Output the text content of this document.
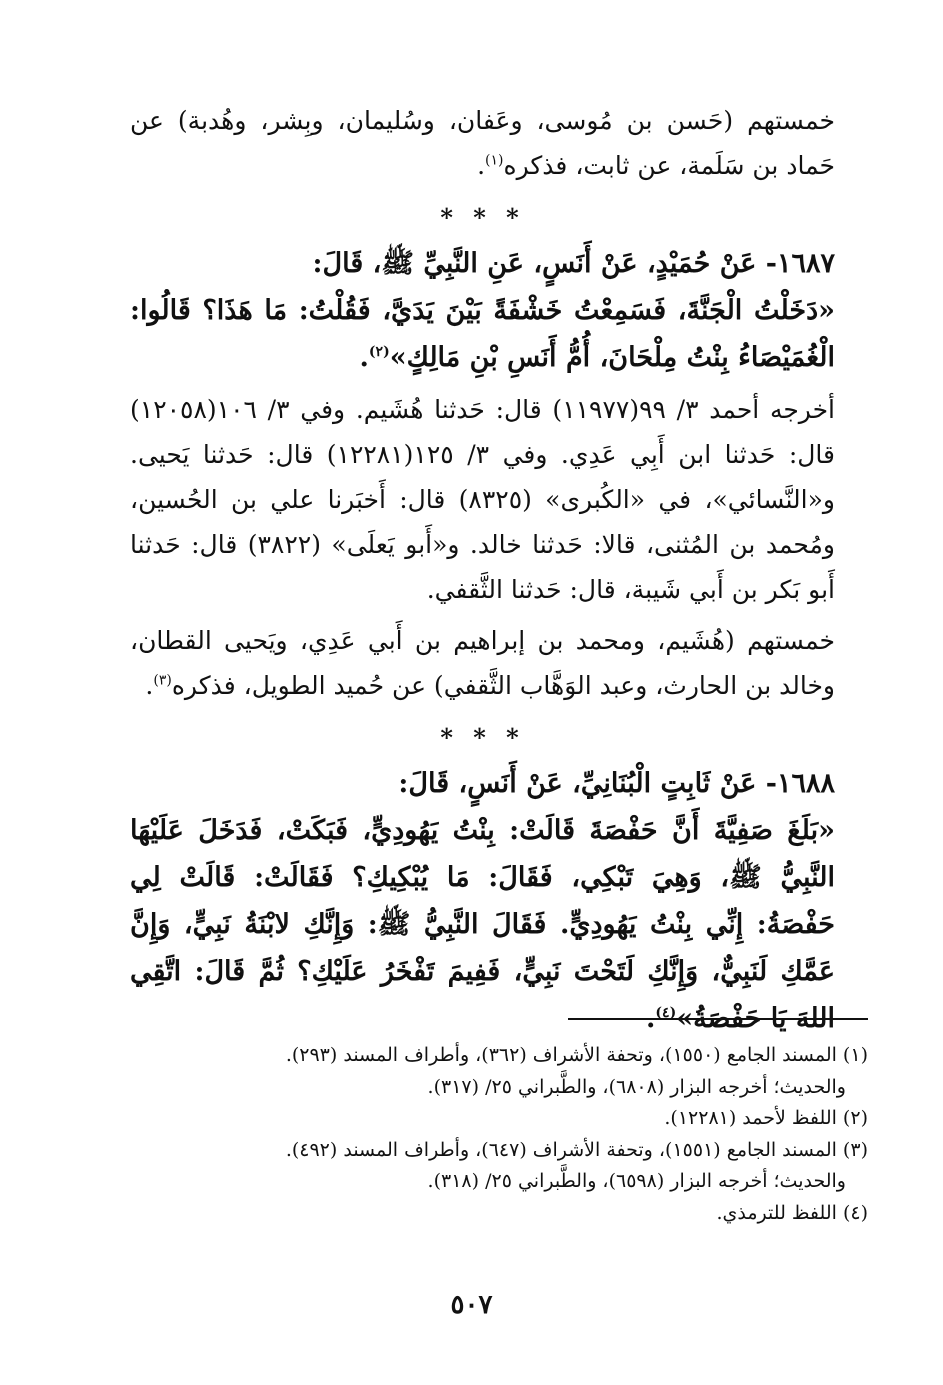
خمستهم (حَسن بن مُوسى، وعَفان، وسُليمان، وبِشر، وهُدبة) عن حَماد بن سَلَمة، عن ثابت، فذكره$^{(١)}$.

* * *

١٦٨٧- عَنْ حُمَيْدٍ، عَنْ أَنَسٍ، عَنِ النَّبِيِّ ﷺ، قَالَ:

«دَخَلْتُ الْجَنَّةَ، فَسَمِعْتُ خَشْفَةً بَيْنَ يَدَيَّ، فَقُلْتُ: مَا هَذَا؟ قَالُوا: الْغُمَيْصَاءُ بِنْتُ مِلْحَانَ، أُمُّ أَنَسِ بْنِ مَالِكٍ»$^{(٢)}$.

أخرجه أحمد ٣/ ٩٩(١١٩٧٧) قال: حَدثنا هُشَيم. وفي ٣/ ١٠٦(١٢٠٥٨) قال: حَدثنا ابن أَبِي عَدِي. وفي ٣/ ١٢٥(١٢٢٨١) قال: حَدثنا يَحيى. و«النَّسائي»، في «الكُبرى» (٨٣٢٥) قال: أَخبَرنا علي بن الحُسين، ومُحمد بن المُثنى، قالا: حَدثنا خالد. و«أَبو يَعلَى» (٣٨٢٢) قال: حَدثنا أَبو بَكر بن أَبي شَيبة، قال: حَدثنا الثَّقفي.

خمستهم (هُشَيم، ومحمد بن إبراهيم بن أَبي عَدِي، ويَحيى القطان، وخالد بن الحارث، وعبد الوَهَّاب الثَّقفي) عن حُميد الطويل، فذكره$^{(٣)}$.

* * *

١٦٨٨- عَنْ ثَابِتٍ الْبُنَانِيِّ، عَنْ أَنَسٍ، قَالَ:

«بَلَغَ صَفِيَّةَ أَنَّ حَفْصَةَ قَالَتْ: بِنْتُ يَهُودِيٍّ، فَبَكَتْ، فَدَخَلَ عَلَيْهَا النَّبِيُّ ﷺ، وَهِيَ تَبْكِي، فَقَالَ: مَا يُبْكِيكِ؟ فَقَالَتْ: قَالَتْ لِي حَفْصَةُ: إِنِّي بِنْتُ يَهُودِيٍّ. فَقَالَ النَّبِيُّ ﷺ: وَإِنَّكِ لابْنَةُ نَبِيٍّ، وَإِنَّ عَمَّكِ لَنَبِيٌّ، وَإِنَّكِ لَتَحْتَ نَبِيٍّ، فَفِيمَ تَفْخَرُ عَلَيْكِ؟ ثُمَّ قَالَ: اتَّقِي اللهَ يَا حَفْصَةُ»$^{(٤)}$.

(١) المسند الجامع (١٥٥٠)، وتحفة الأشراف (٣٦٢)، وأطراف المسند (٢٩٣).

والحديث؛ أخرجه البزار (٦٨٠٨)، والطَّبراني ٢٥/ (٣١٧).

(٢) اللفظ لأحمد (١٢٢٨١).

(٣) المسند الجامع (١٥٥١)، وتحفة الأشراف (٦٤٧)، وأطراف المسند (٤٩٢).

والحديث؛ أخرجه البزار (٦٥٩٨)، والطَّبراني ٢٥/ (٣١٨).

(٤) اللفظ للترمذي.

٥٠٧
